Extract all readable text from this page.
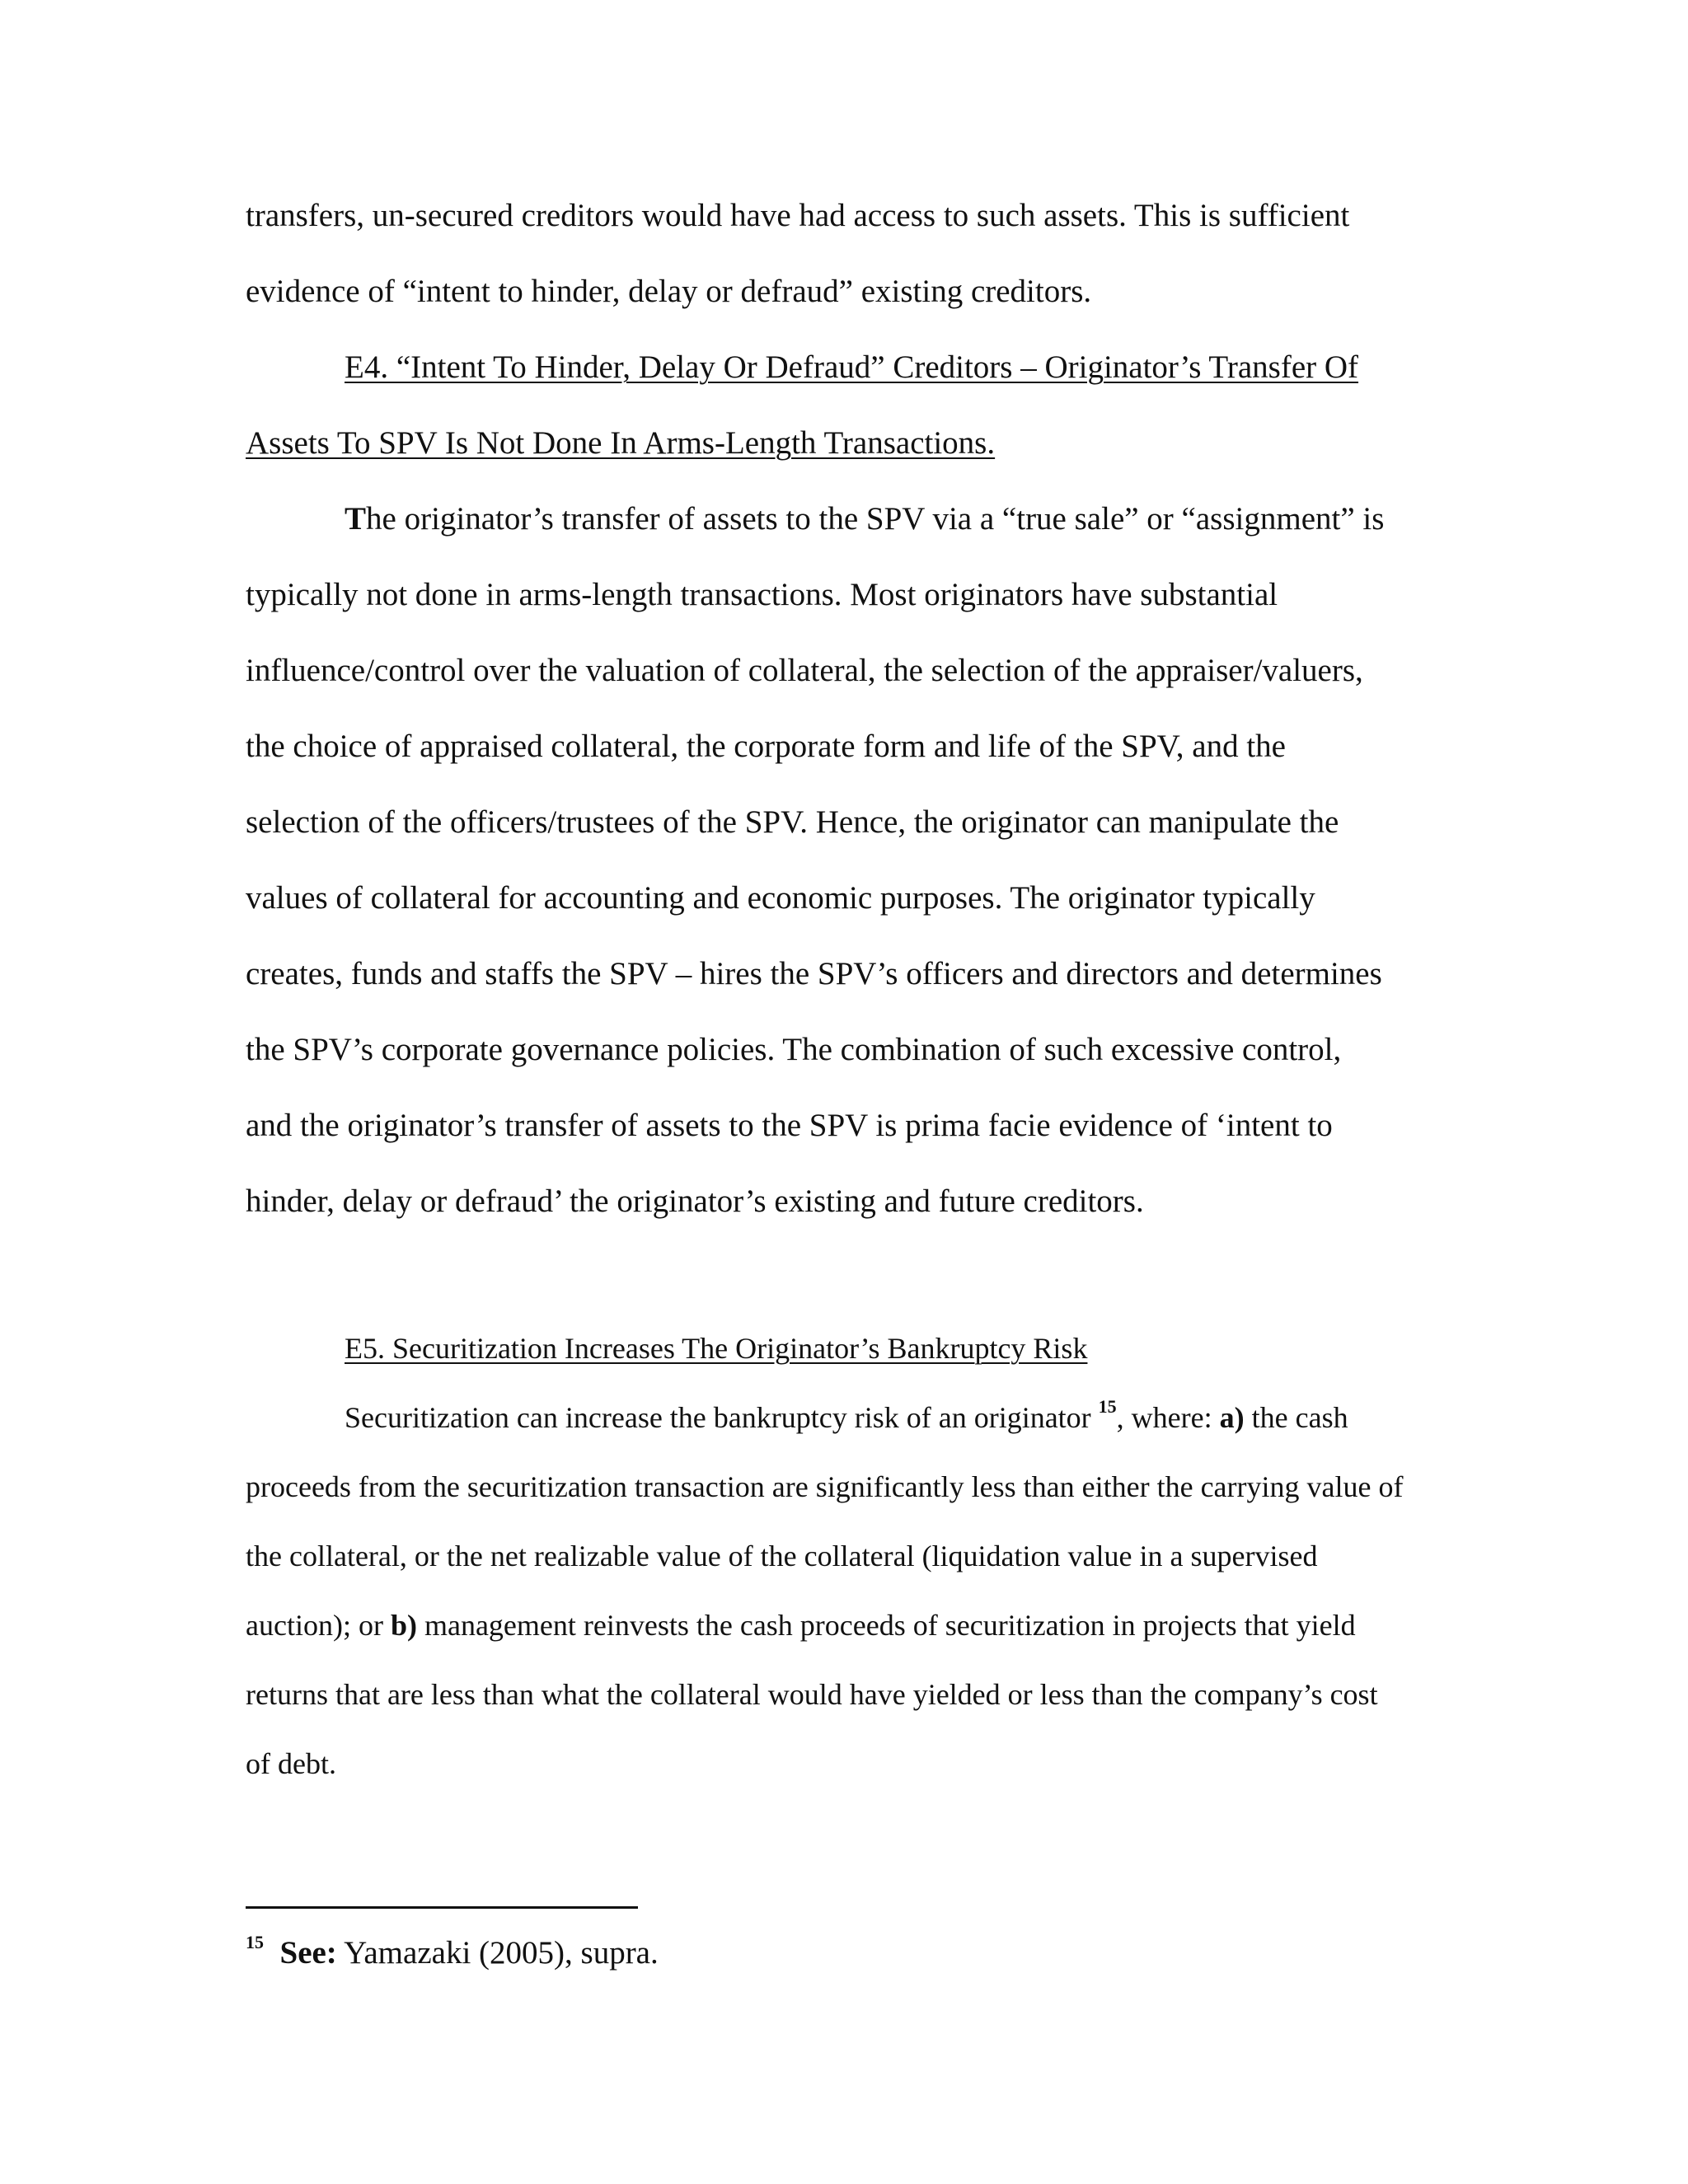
transfers, un-secured creditors would have had access to such assets. This is sufficient
evidence of “intent to hinder, delay or defraud” existing creditors.
E4. “Intent To Hinder, Delay Or Defraud” Creditors – Originator’s Transfer Of
Assets To SPV Is Not Done In Arms-Length Transactions.
The originator’s transfer of assets to the SPV via a “true sale” or “assignment” is
typically not done in arms-length transactions. Most originators have substantial
influence/control over the valuation of collateral, the selection of the appraiser/valuers,
the choice of appraised collateral, the corporate form and life of the SPV, and the
selection of the officers/trustees of the SPV. Hence, the originator can manipulate the
values of collateral for accounting and economic purposes. The originator typically
creates, funds and staffs the SPV – hires the SPV’s officers and directors and determines
the SPV’s corporate governance policies. The combination of such excessive control,
and the originator’s transfer of assets to the SPV is prima facie evidence of ‘intent to
hinder, delay or defraud’ the originator’s existing and future creditors.
E5. Securitization Increases The Originator’s Bankruptcy Risk
Securitization can increase the bankruptcy risk of an originator $^{15}$, where: a) the cash
proceeds from the securitization transaction are significantly less than either the carrying value of
the collateral, or the net realizable value of the collateral (liquidation value in a supervised
auction); or b) management reinvests the cash proceeds of securitization in projects that yield
returns that are less than what the collateral would have yielded or less than the company’s cost
of debt.
$^{15}$ See: Yamazaki (2005), supra.
